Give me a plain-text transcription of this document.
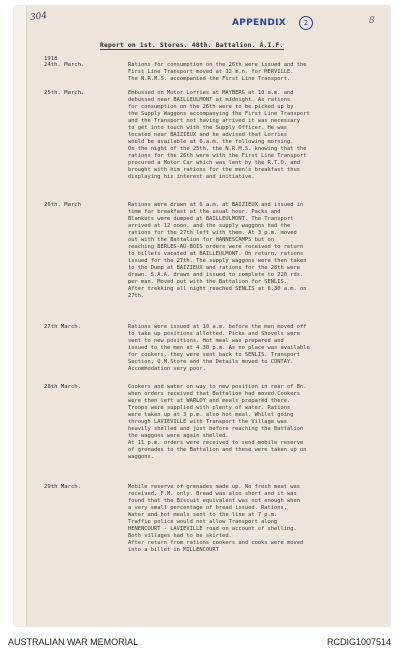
304	APPENDIX	2	8
Report on 1st. Stores. 48th. Battalion. A.I.F.
1918
24th. March.	Rations for consumption on the 26th were issued and the
First Line Transport moved at 12 m.n. for MERVILLE.
The N.R.M.S. accompanied the First Line Transport.
25th. March.	Embussed on Motor Lorries at MAYBERG at 10 a.m. and
debussed near BAILLEULMONT at midnight. As rations
for consumption on the 26th were to be picked up by
the Supply Waggons accompanying the First Line Transport
and the Transport not having arrived it was necessary
to get into touch with the Supply Officer. He was
located near BAIZIEUX and he advised that Lorries
would be available at 6.a.m. the following morning.
On the night of the 25th, the N.R.M.S. knowing that the
rations for the 26th were with the First Line Transport
procured a Motor Car which was lent by the R.T.O. and
brought with him rations for the men's breakfast thus
displaying his interest and initiative.
26th. March	Rations were drawn at 6 a.m. at BAIZIEUX and issued in
time for breakfast at the usual hour. Packs and
Blankets were dumped at BAILLEULMONT. The Transport
arrived at 12 noon, and the supply waggons had the
rations for the 27th left with them. At 3 p.m. moved
out with the Battalion for HANNESCAMPS but on
reaching BERLES-AU-BOIS orders were received to return
to billets vacated at BAILLEULMONT. On return, rations
issued for the 27th. The supply waggons were then taken
to the Dump at BAIZIEUX and rations for the 28th were
drawn. S.A.A. drawn and issued to complete to 220 rds.
per man. Moved out with the Battalion for SENLIS.
After trekking all night reached SENLIS at 6.30 a.m. on
27th.
27th March.	Rations were issued at 10 a.m. before the men moved off
to take up positions allotted. Picks and Shovels were
sent to new positions. Hot meal was prepared and
issued to the men at 4.30 p.m. As no place was available
for cookers, they were sent back to SENLIS. Transport
Section, Q.M.Store and the Details moved to CONTAY.
Accommodation very poor.
28th March.	Cookers and water on way to new position in rear of Bn.
when orders received that Battalion had moved.Cookers
were then left at WARLOY and meals prepared there.
Troops were supplied with plenty of water. Rations
were taken up at 3 p.m. also hot meal. Whilst going
through LAVIEVILLE with Transport the Village was
heavily shelled and just before reaching the Battalion
the waggons were again shelled.
At 11 p.m. orders were received to send mobile reserve
of grenades to the Battalion and these were taken up on
waggons.
29th March.	Mobile reserve of grenades made up. No fresh meat was
received, F.M. only. Bread was also short and it was
found that the Biscuit equivalent was not enough when
a very small percentage of bread issued. Rations,
Water and hot meals sent to the line at 7 p.m.
Traffic police would not allow Transport along
HENENCOURT - LAVIEVILLE road on account of shelling.
Both villages had to be skirted.
After return from rations cookers and cooks were moved
into a billet in MILLENCOURT
AUSTRALIAN WAR MEMORIAL	RCDIG1007514
